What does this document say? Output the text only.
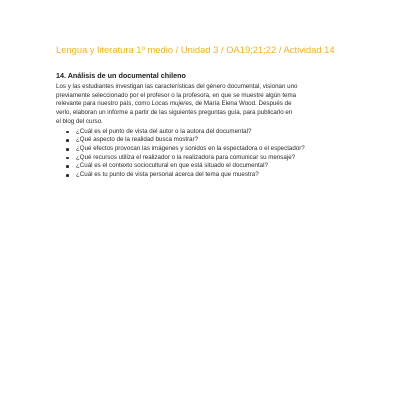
Lengua y literatura 1º medio / Unidad 3 / OA19;21;22 / Actividad 14

14. Análisis de un documental chileno

Los y las estudiantes investigan las características del género documental, visionan uno
previamente seleccionado por el profesor o la profesora, en que se muestre algún tema
relevante para nuestro país, como Locas mujeres, de María Elena Wood. Después de
verlo, elaboran un informe a partir de las siguientes preguntas guía, para publicarlo en
el blog del curso.

¿Cuál es el punto de vista del autor o la autora del documental?
¿Qué aspecto de la realidad busca mostrar?
¿Qué efectos provocan las imágenes y sonidos en la espectadora o el espectador?
¿Qué recursos utiliza el realizador o la realizadora para comunicar su mensaje?
¿Cuál es el contexto sociocultural en que está situado el documental?
¿Cuál es tu punto de vista personal acerca del tema que muestra?
